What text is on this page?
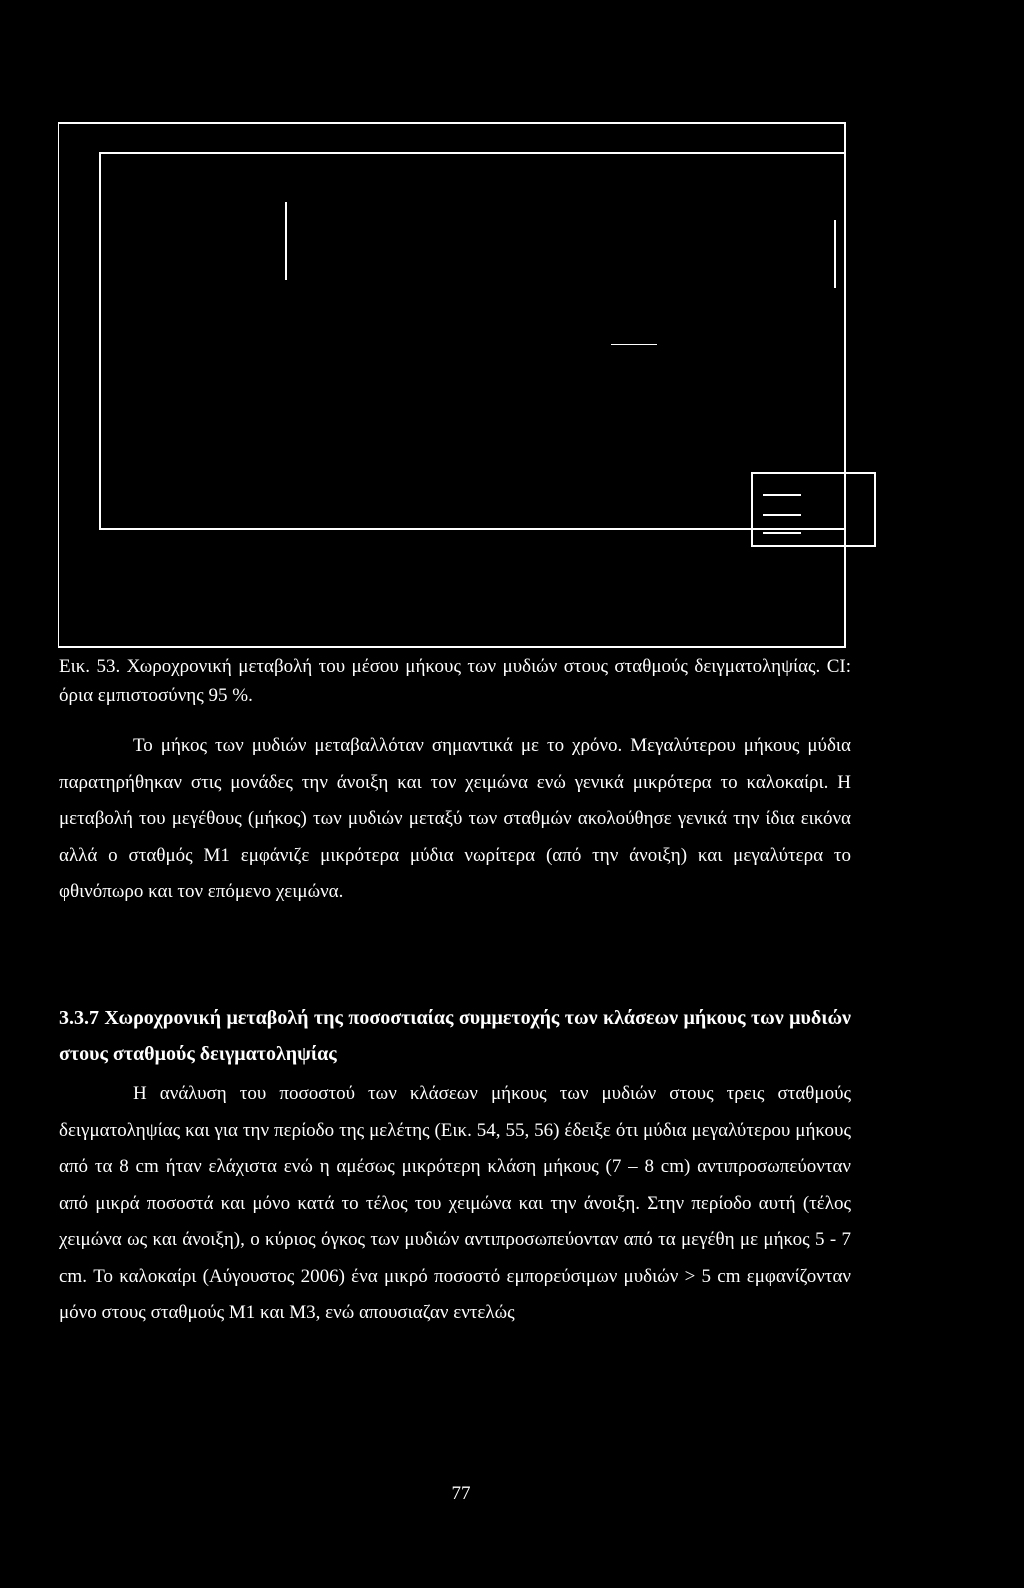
Εικ. 53. Χωροχρονική μεταβολή του μέσου μήκους των μυδιών στους σταθμούς δειγματοληψίας. CI: όρια εμπιστοσύνης 95 %.

Το μήκος των μυδιών μεταβαλλόταν σημαντικά με το χρόνο. Μεγαλύτερου μήκους μύδια παρατηρήθηκαν στις μονάδες την άνοιξη και τον χειμώνα ενώ γενικά μικρότερα το καλοκαίρι. Η μεταβολή του μεγέθους (μήκος) των μυδιών μεταξύ των σταθμών ακολούθησε γενικά την ίδια εικόνα αλλά ο σταθμός Μ1 εμφάνιζε μικρότερα μύδια νωρίτερα (από την άνοιξη) και μεγαλύτερα το φθινόπωρο και τον επόμενο χειμώνα.

3.3.7 Χωροχρονική μεταβολή της ποσοστιαίας συμμετοχής των κλάσεων μήκους των μυδιών στους σταθμούς δειγματοληψίας

Η ανάλυση του ποσοστού των κλάσεων μήκους των μυδιών στους τρεις σταθμούς δειγματοληψίας και για την περίοδο της μελέτης (Εικ. 54, 55, 56) έδειξε ότι μύδια μεγαλύτερου μήκους από τα 8 cm ήταν ελάχιστα ενώ η αμέσως μικρότερη κλάση μήκους (7 – 8 cm) αντιπροσωπεύονταν από μικρά ποσοστά και μόνο κατά το τέλος του χειμώνα και την άνοιξη. Στην περίοδο αυτή (τέλος χειμώνα ως και άνοιξη), ο κύριος όγκος των μυδιών αντιπροσωπεύονταν από τα μεγέθη με μήκος 5 - 7 cm. Το καλοκαίρι (Αύγουστος 2006) ένα μικρό ποσοστό εμπορεύσιμων μυδιών > 5 cm εμφανίζονταν μόνο στους σταθμούς Μ1 και Μ3, ενώ απουσιαζαν εντελώς

77
